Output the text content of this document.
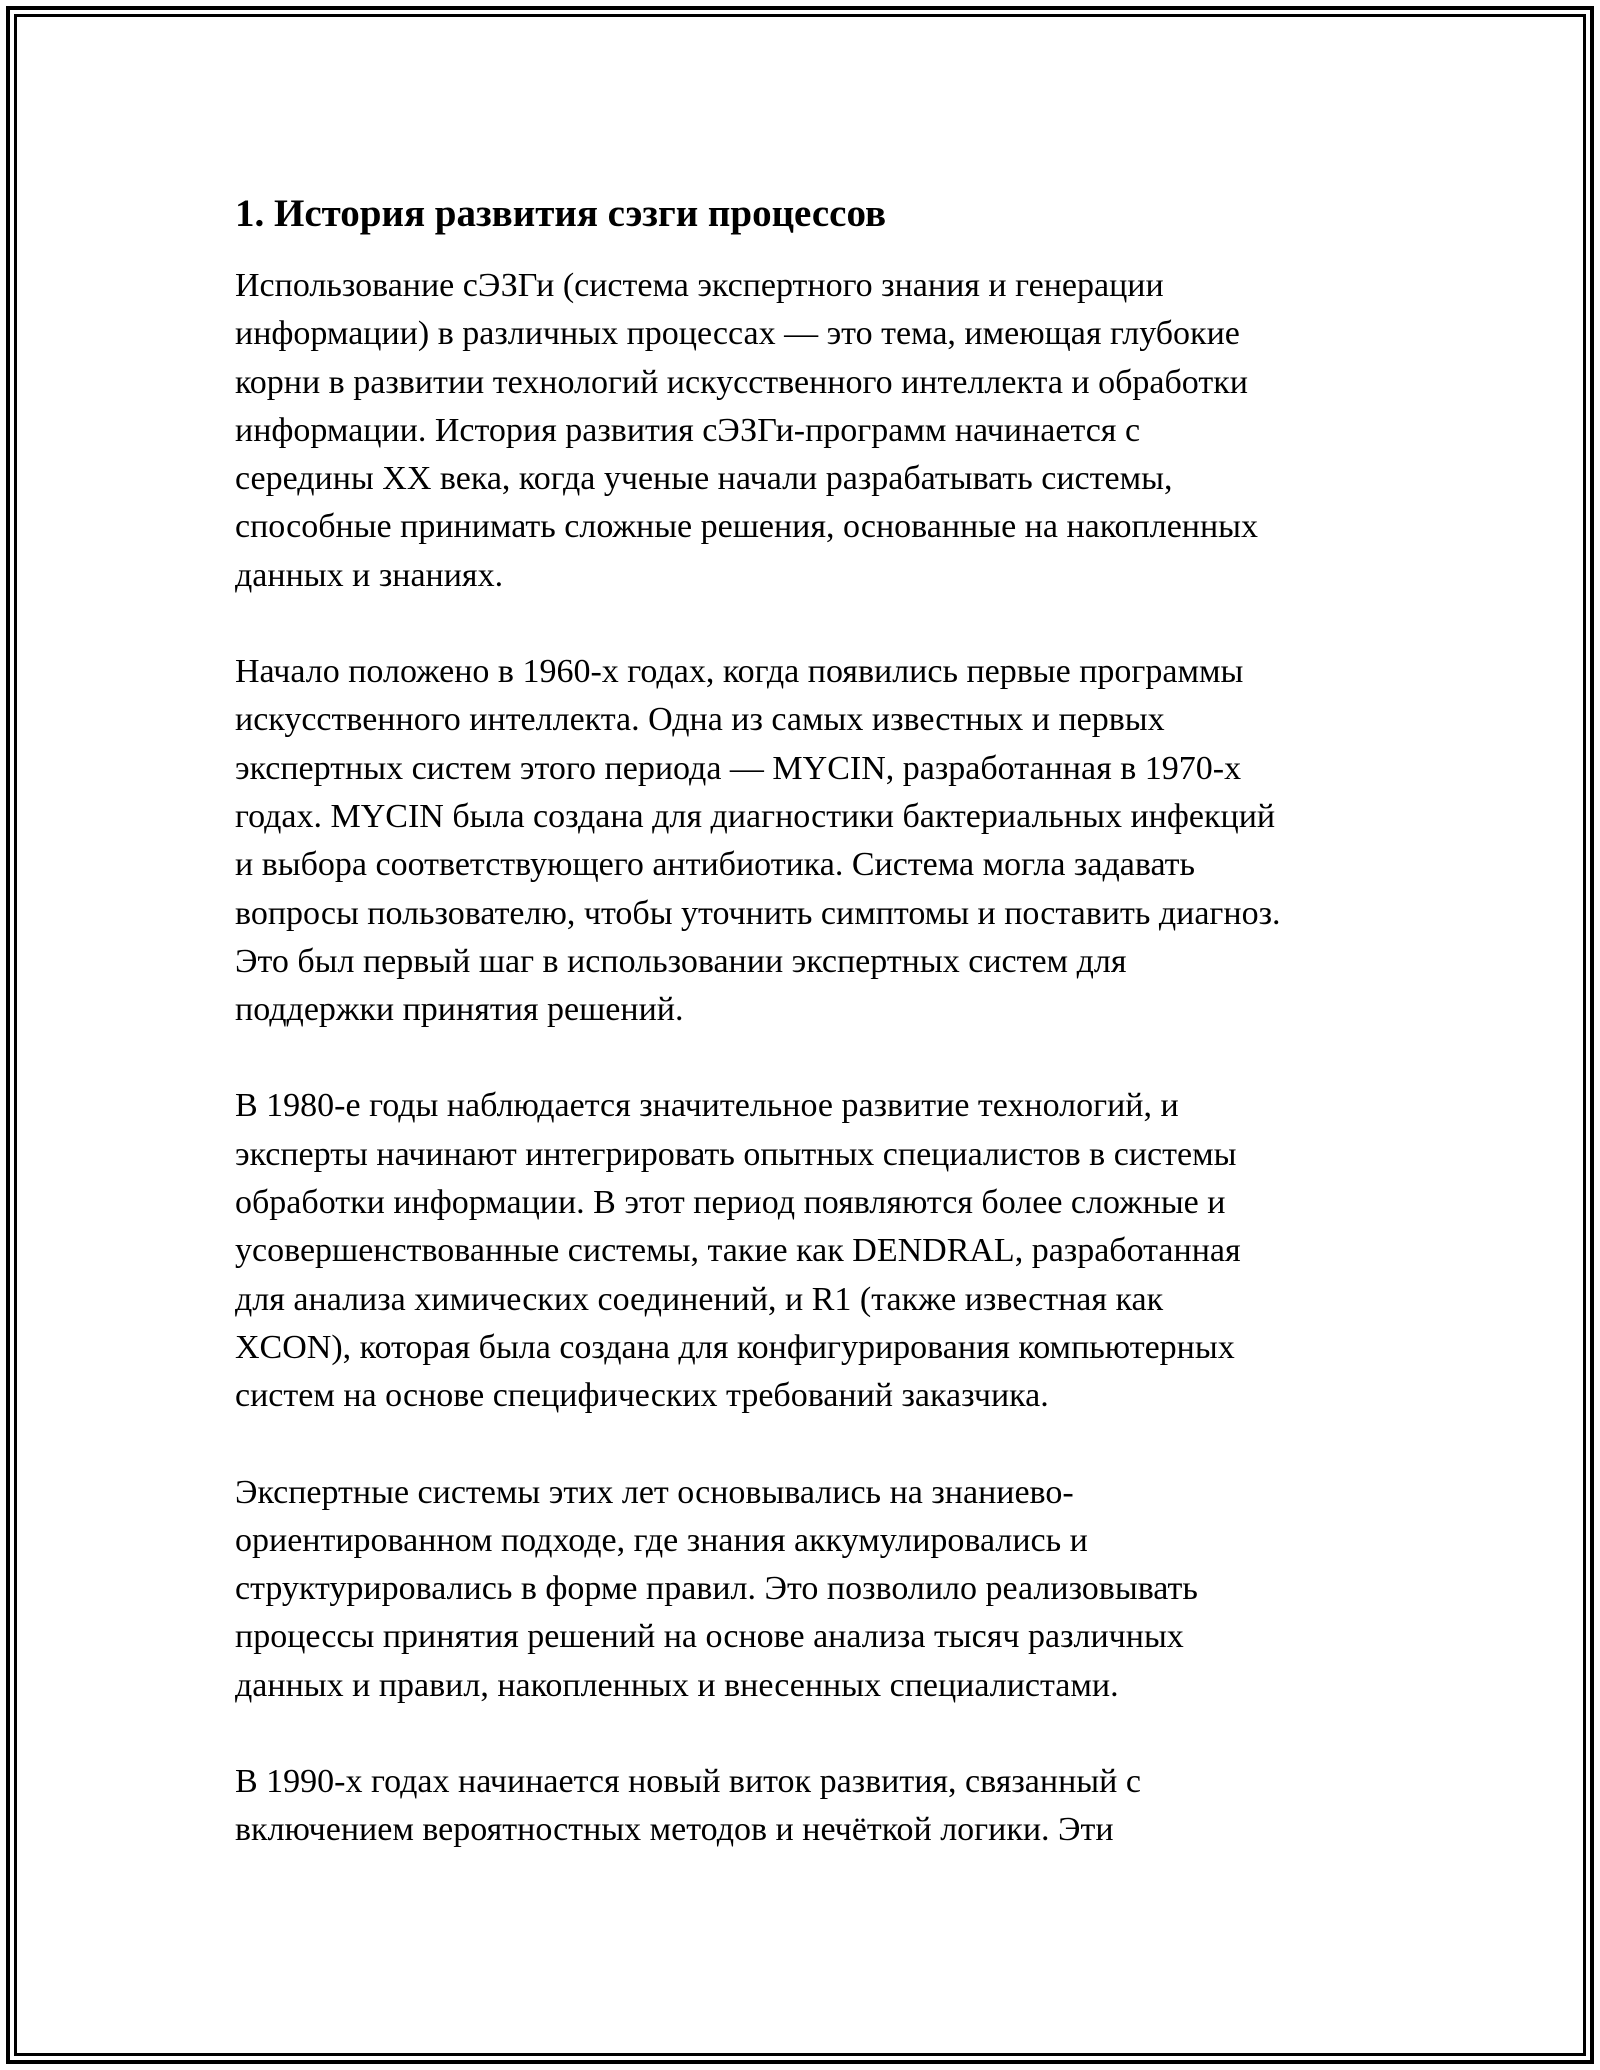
1. История развития сэзги процессов

Использование сЭЗГи (система экспертного знания и генерации
информации) в различных процессах — это тема, имеющая глубокие
корни в развитии технологий искусственного интеллекта и обработки
информации. История развития сЭЗГи-программ начинается с
середины XX века, когда ученые начали разрабатывать системы,
способные принимать сложные решения, основанные на накопленных
данных и знаниях.

Начало положено в 1960-х годах, когда появились первые программы
искусственного интеллекта. Одна из самых известных и первых
экспертных систем этого периода — MYCIN, разработанная в 1970-х
годах. MYCIN была создана для диагностики бактериальных инфекций
и выбора соответствующего антибиотика. Система могла задавать
вопросы пользователю, чтобы уточнить симптомы и поставить диагноз.
Это был первый шаг в использовании экспертных систем для
поддержки принятия решений.

В 1980-е годы наблюдается значительное развитие технологий, и
эксперты начинают интегрировать опытных специалистов в системы
обработки информации. В этот период появляются более сложные и
усовершенствованные системы, такие как DENDRAL, разработанная
для анализа химических соединений, и R1 (также известная как
XCON), которая была создана для конфигурирования компьютерных
систем на основе специфических требований заказчика.

Экспертные системы этих лет основывались на знаниево-
ориентированном подходе, где знания аккумулировались и
структурировались в форме правил. Это позволило реализовывать
процессы принятия решений на основе анализа тысяч различных
данных и правил, накопленных и внесенных специалистами.

В 1990-х годах начинается новый виток развития, связанный с
включением вероятностных методов и нечёткой логики. Эти
